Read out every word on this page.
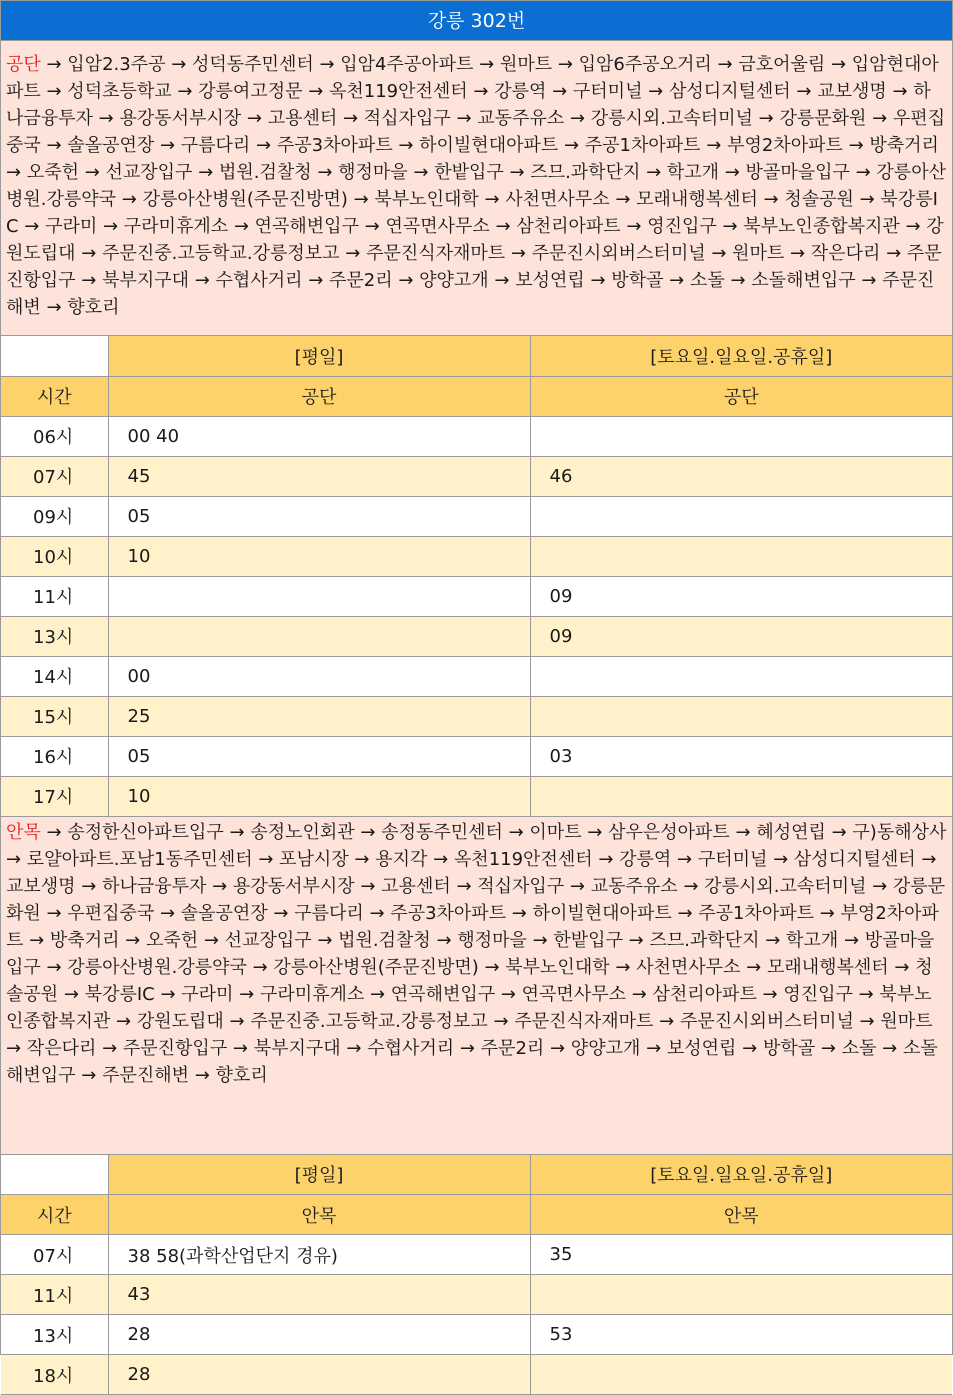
강릉 302번
공단 → 입암2.3주공 → 성덕동주민센터 → 입암4주공아파트 → 원마트 → 입암6주공오거리 → 금호어울림 → 입암현대아파트 → 성덕초등학교 → 강릉여고정문 → 옥천119안전센터 → 강릉역 → 구터미널 → 삼성디지털센터 → 교보생명 → 하나금융투자 → 용강동서부시장 → 고용센터 → 적십자입구 → 교동주유소 → 강릉시외.고속터미널 → 강릉문화원 → 우편집중국 → 솔올공연장 → 구름다리 → 주공3차아파트 → 하이빌현대아파트 → 주공1차아파트 → 부영2차아파트 → 방축거리 → 오죽헌 → 선교장입구 → 법원.검찰청 → 행정마을 → 한밭입구 → 즈므.과학단지 → 학고개 → 방골마을입구 → 강릉아산병원.강릉약국 → 강릉아산병원(주문진방면) → 북부노인대학 → 사천면사무소 → 모래내행복센터 → 청솔공원 → 북강릉IC → 구라미 → 구라미휴게소 → 연곡해변입구 → 연곡면사무소 → 삼천리아파트 → 영진입구 → 북부노인종합복지관 → 강원도립대 → 주문진중.고등학교.강릉정보고 → 주문진식자재마트 → 주문진시외버스터미널 → 원마트 → 작은다리 → 주문진항입구 → 북부지구대 → 수협사거리 → 주문2리 → 양양고개 → 보성연립 → 방학골 → 소돌 → 소돌해변입구 → 주문진해변 → 향호리
	[평일]	[토요일.일요일.공휴일]
시간	공단	공단
06시	00 40	
07시	45	46
09시	05	
10시	10	
11시		09
13시		09
14시	00	
15시	25	
16시	05	03
17시	10	
안목 → 송정한신아파트입구 → 송정노인회관 → 송정동주민센터 → 이마트 → 삼우은성아파트 → 혜성연립 → 구)동해상사 → 로얄아파트.포남1동주민센터 → 포남시장 → 용지각 → 옥천119안전센터 → 강릉역 → 구터미널 → 삼성디지털센터 → 교보생명 → 하나금융투자 → 용강동서부시장 → 고용센터 → 적십자입구 → 교동주유소 → 강릉시외.고속터미널 → 강릉문화원 → 우편집중국 → 솔올공연장 → 구름다리 → 주공3차아파트 → 하이빌현대아파트 → 주공1차아파트 → 부영2차아파트 → 방축거리 → 오죽헌 → 선교장입구 → 법원.검찰청 → 행정마을 → 한밭입구 → 즈므.과학단지 → 학고개 → 방골마을입구 → 강릉아산병원.강릉약국 → 강릉아산병원(주문진방면) → 북부노인대학 → 사천면사무소 → 모래내행복센터 → 청솔공원 → 북강릉IC → 구라미 → 구라미휴게소 → 연곡해변입구 → 연곡면사무소 → 삼천리아파트 → 영진입구 → 북부노인종합복지관 → 강원도립대 → 주문진중.고등학교.강릉정보고 → 주문진식자재마트 → 주문진시외버스터미널 → 원마트 → 작은다리 → 주문진항입구 → 북부지구대 → 수협사거리 → 주문2리 → 양양고개 → 보성연립 → 방학골 → 소돌 → 소돌해변입구 → 주문진해변 → 향호리
	[평일]	[토요일.일요일.공휴일]
시간	안목	안목
07시	38 58(과학산업단지 경유)	35
11시	43	
13시	28	53
18시	28	
